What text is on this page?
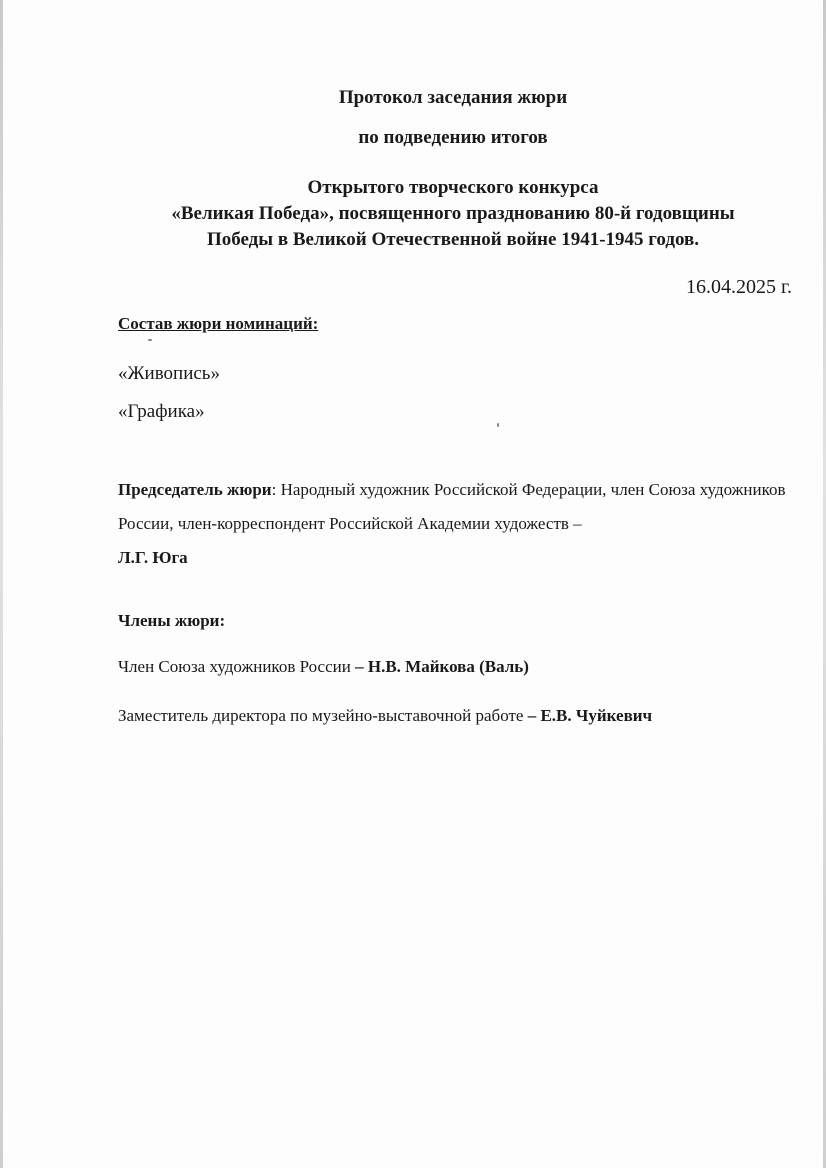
Протокол заседания жюри
по подведению итогов
Открытого творческого конкурса
«Великая Победа», посвященного празднованию 80-й годовщины
Победы в Великой Отечественной войне 1941-1945 годов.
16.04.2025 г.
Состав жюри номинаций:
«Живопись»
«Графика»
Председатель жюри: Народный художник Российской Федерации, член Союза художников России, член-корреспондент Российской Академии художеств –
Л.Г. Юга
Члены жюри:
Член Союза художников России – Н.В. Майкова (Валь)
Заместитель директора по музейно-выставочной работе – Е.В. Чуйкевич
